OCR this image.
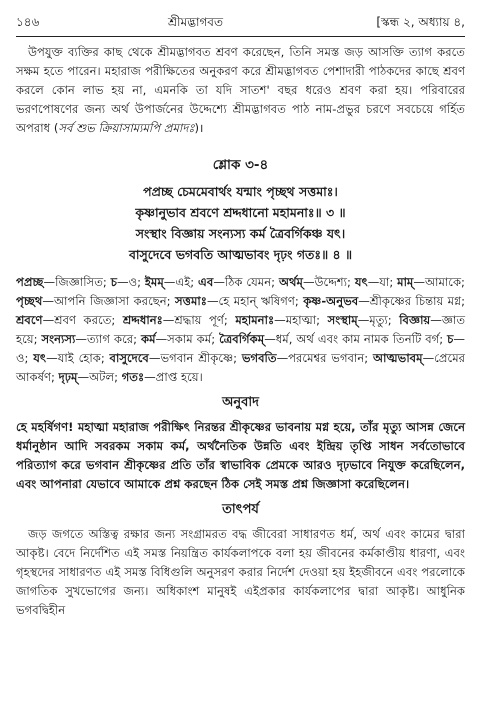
১৪৬	শ্রীমদ্ভাগবত	[স্কন্ধ ২, অধ্যায় ৪,

উপযুক্ত ব্যক্তির কাছ থেকে শ্রীমদ্ভাগবত শ্রবণ করেছেন, তিনি সমস্ত জড় আসক্তি ত্যাগ করতে সক্ষম হতে পারেন। মহারাজ পরীক্ষিতের অনুকরণ করে শ্রীমদ্ভাগবত পেশাদারী পাঠকদের কাছে শ্রবণ করলে কোন লাভ হয় না, এমনকি তা যদি সাতশ' বছর ধরেও শ্রবণ করা হয়। পরিবারের ভরণপোষণের জন্য অর্থ উপার্জনের উদ্দেশ্যে শ্রীমদ্ভাগবত পাঠ নাম-প্রভুর চরণে সবচেয়ে গর্হিত অপরাধ (সর্ব শুভ ক্রিয়াসাম্যমপি প্রমাদঃ)।

শ্লোক ৩-৪
পপ্রচ্ছ চেমমেবার্থং যন্মাং পৃচ্ছথ সত্তমাঃ।
কৃষ্ণানুভাব শ্রবণে শ্রদ্দধানো মহামনাঃ॥ ৩ ॥
সংস্থাং বিজ্ঞায় সংন্যস্য কর্ম ত্রৈবর্গিকঞ্চ যৎ।
বাসুদেবে ভগবতি আত্মভাবং দৃঢ়ং গতঃ॥ ৪ ॥

পপ্রচ্ছ—জিজ্ঞাসিত; চ—ও; ইমম্—এই; এব—ঠিক যেমন; অর্থম্—উদ্দেশ্য; যৎ—যা; মাম্—আমাকে; পৃচ্ছথ—আপনি জিজ্ঞাসা করছেন; সত্তমাঃ—হে মহান্ ঋষিগণ; কৃষ্ণ-অনুভব—শ্রীকৃষ্ণের চিন্তায় মগ্ন; শ্রবণে—শ্রবণ করতে; শ্রদ্দধানঃ—শ্রদ্ধায় পূর্ণ; মহামনাঃ—মহাত্মা; সংস্থাম্—মৃত্যু; বিজ্ঞায়—জ্ঞাত হয়ে; সংন্যস্য—ত্যাগ করে; কর্ম—সকাম কর্ম; ত্রৈবর্গিকম্—ধর্ম, অর্থ এবং কাম নামক তিনটি বর্গ; চ—ও; যৎ—যাই হোক; বাসুদেবে—ভগবান শ্রীকৃষ্ণে; ভগবতি—পরমেশ্বর ভগবান; আত্মভাবম্—প্রেমের আকর্ষণ; দৃঢ়ম্—অটল; গতঃ—প্রাপ্ত হয়ে।

অনুবাদ

হে মহর্ষিগণ! মহাত্মা মহারাজ পরীক্ষিৎ নিরন্তর শ্রীকৃষ্ণের ভাবনায় মগ্ন হয়ে, তাঁর মৃত্যু আসন্ন জেনে ধর্মানুষ্ঠান আদি সবরকম সকাম কর্ম, অর্থনৈতিক উন্নতি এবং ইন্দ্রিয় তৃপ্তি সাধন সর্বতোভাবে পরিত্যাগ করে ভগবান শ্রীকৃষ্ণের প্রতি তাঁর স্বাভাবিক প্রেমকে আরও দৃঢ়ভাবে নিযুক্ত করেছিলেন, এবং আপনারা যেভাবে আমাকে প্রশ্ন করছেন ঠিক সেই সমস্ত প্রশ্ন জিজ্ঞাসা করেছিলেন।

তাৎপর্য

জড় জগতে অস্তিত্ব রক্ষার জন্য সংগ্রামরত বদ্ধ জীবেরা সাধারণত ধর্ম, অর্থ এবং কামের দ্বারা আকৃষ্ট। বেদে নির্দেশিত এই সমস্ত নিয়ন্ত্রিত কার্যকলাপকে বলা হয় জীবনের কর্মকাণ্ডীয় ধারণা, এবং গৃহস্থদের সাধারণত এই সমস্ত বিধিগুলি অনুসরণ করার নির্দেশ দেওয়া হয় ইহজীবনে এবং পরলোকে জাগতিক সুখভোগের জন্য। অধিকাংশ মানুষই এইপ্রকার কার্যকলাপের দ্বারা আকৃষ্ট। আধুনিক ভগবদ্বিহীন
